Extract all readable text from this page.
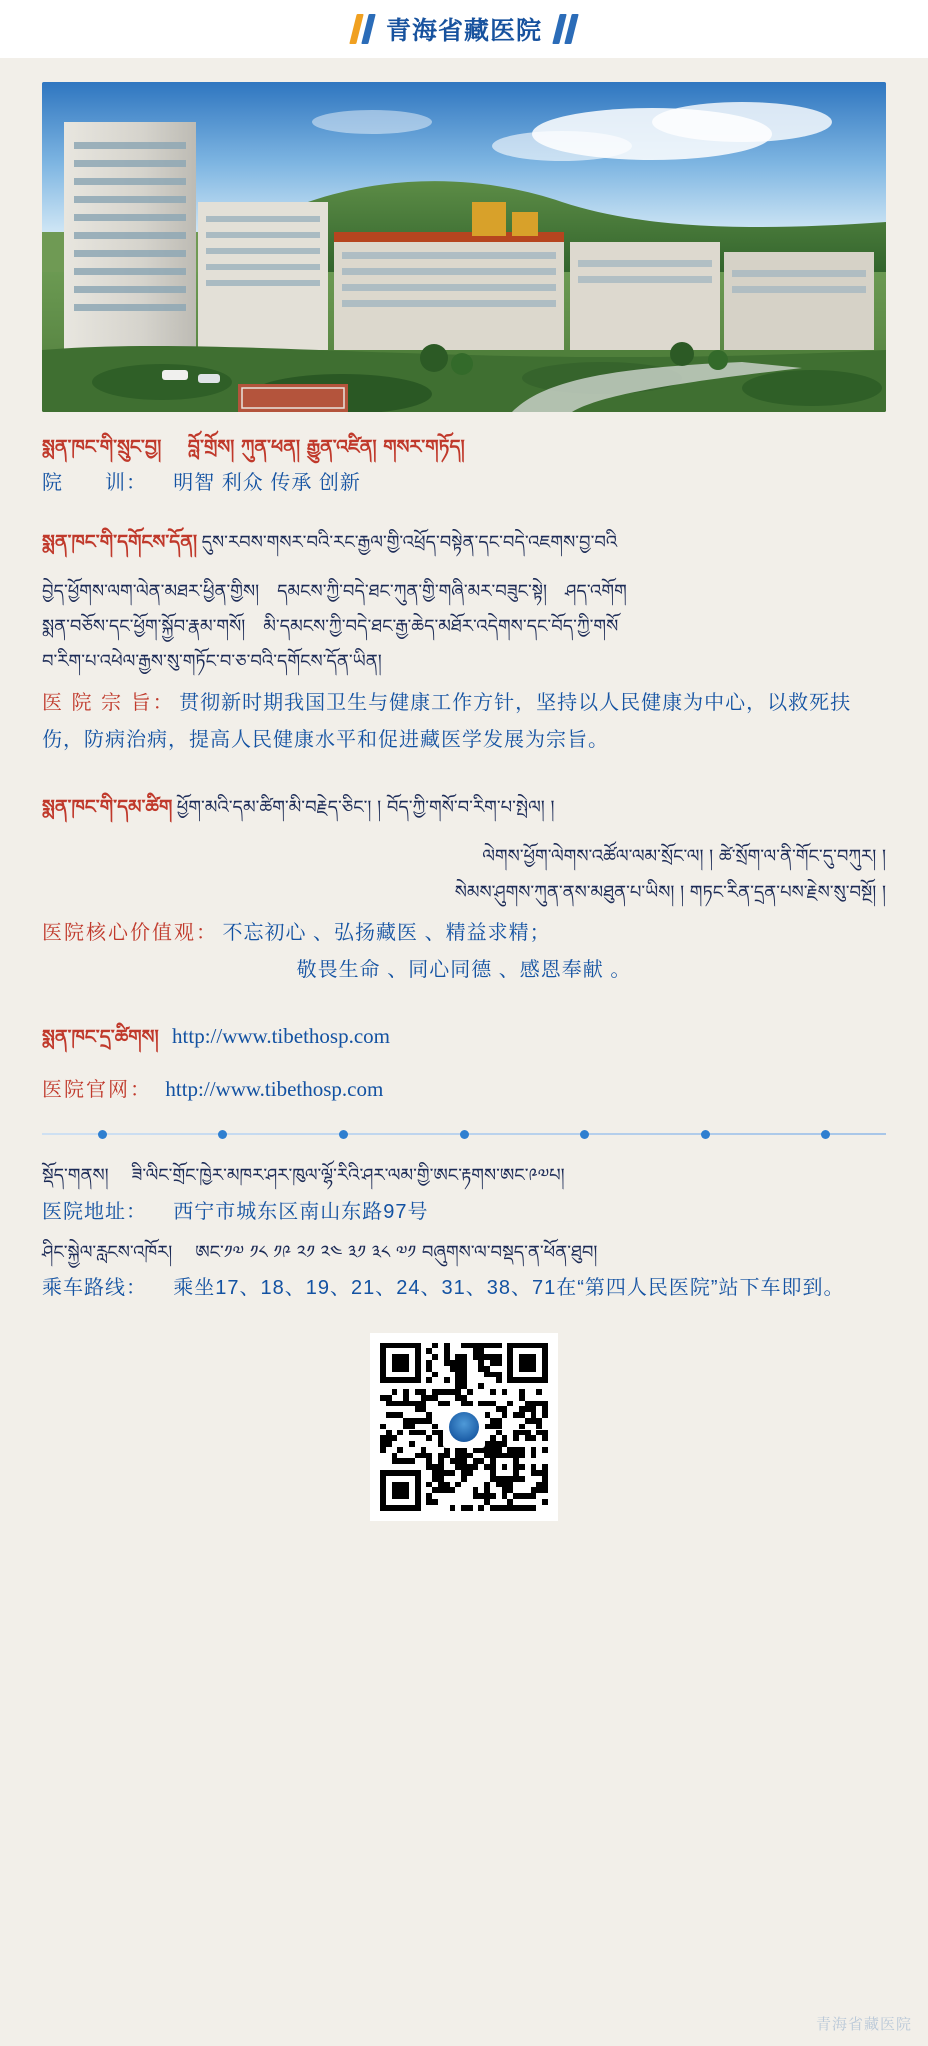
青海省藏医院
སྨན་ཁང་གི་སྲུང་བྱ། བློ་གྲོས། ཀུན་ཕན། རྒྱུན་འཛིན། གསར་གཏོད།
院　　训： 明智 利众 传承 创新
སྨན་ཁང་གི་དགོངས་དོན། དུས་རབས་གསར་བའི་རང་རྒྱལ་གྱི་འཕྲོད་བསྟེན་དང་བདེ་འཇགས་བྱ་བའི
བྱེད་ཕྱོགས་ལག་ལེན་མཐར་ཕྱིན་གྱིས།　དམངས་ཀྱི་བདེ་ཐང་ཀུན་གྱི་གཞི་མར་བཟུང་སྟེ།　ཤད་འགོག
སྨན་བཅོས་དང་ཕྱོག་སྐྱོབ་རྣམ་གསོ།　མི་དམངས་ཀྱི་བདེ་ཐང་རྒྱ་ཆེད་མཐོར་འདེགས་དང་བོད་ཀྱི་གསོ
བ་རིག་པ་འཕེལ་རྒྱས་སུ་གཏོང་བ་ཅ་བའི་དགོངས་དོན་ཡིན།
医 院 宗 旨： 贯彻新时期我国卫生与健康工作方针，坚持以人民健康为中心，以救死扶伤，防病治病，提高人民健康水平和促进藏医学发展为宗旨。
སྨན་ཁང་གི་དམ་ཚིག ཕྱོག་མའི་དམ་ཚིག་མི་བརྗེད་ཅིང་། ། བོད་ཀྱི་གསོ་བ་རིག་པ་སྤེལ། །
ལེགས་ཕྱོག་ལེགས་འཚོལ་ལམ་སྲོང་ལ། ། ཚེ་སྲོག་ལ་ནི་གོང་དུ་བཀུར། །
སེམས་ཤུགས་ཀུན་ནས་མཐུན་པ་ཡིས། ། གཏང་རིན་དྲན་པས་རྗེས་སུ་བསྔོ། །
医院核心价值观： 不忘初心 、弘扬藏医 、精益求精；
敬畏生命 、同心同德 、感恩奉献 。
སྨན་ཁང་དྲ་ཚིགས། http://www.tibethosp.com
医院官网： http://www.tibethosp.com
སྡོད་གནས། ཟི་ལིང་གྲོང་ཁྱེར་མཁར་ཤར་ཁུལ་ལྷོ་རིའི་ཤར་ལམ་གྱི་ཨང་རྟགས་ཨང་༩༧པ།
医院地址： 西宁市城东区南山东路97号
ཤིང་སྐྱེལ་རླངས་འཁོར། ཨང་༡༧ ༡༨ ༡༩ ༢༡ ༢༤ ༣༡ ༣༨ ༧༡ བཞུགས་ལ་བསྡད་ན་ཕོན་ཐུབ།
乘车路线： 乘坐17、18、19、21、24、31、38、71在“第四人民医院”站下车即到。
青海省藏医院
